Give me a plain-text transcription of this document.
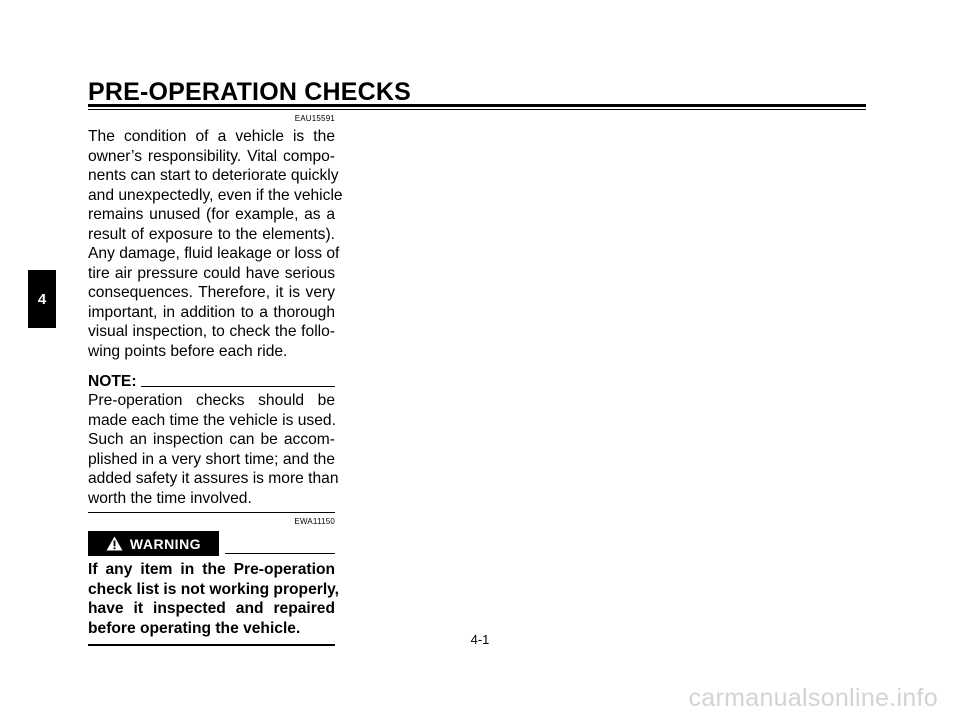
PRE-OPERATION CHECKS
4

EAU15591

The condition of a vehicle is the
owner’s responsibility. Vital compo-
nents can start to deteriorate quickly
and unexpectedly, even if the vehicle
remains unused (for example, as a
result of exposure to the elements).
Any damage, fluid leakage or loss of
tire air pressure could have serious
consequences. Therefore, it is very
important, in addition to a thorough
visual inspection, to check the follo-
wing points before each ride.

NOTE:

Pre-operation checks should be
made each time the vehicle is used.
Such an inspection can be accom-
plished in a very short time; and the
added safety it assures is more than
worth the time involved.

EWA11150

WARNING

If any item in the Pre-operation
check list is not working properly,
have it inspected and repaired
before operating the vehicle.

4-1
carmanualsonline.info
